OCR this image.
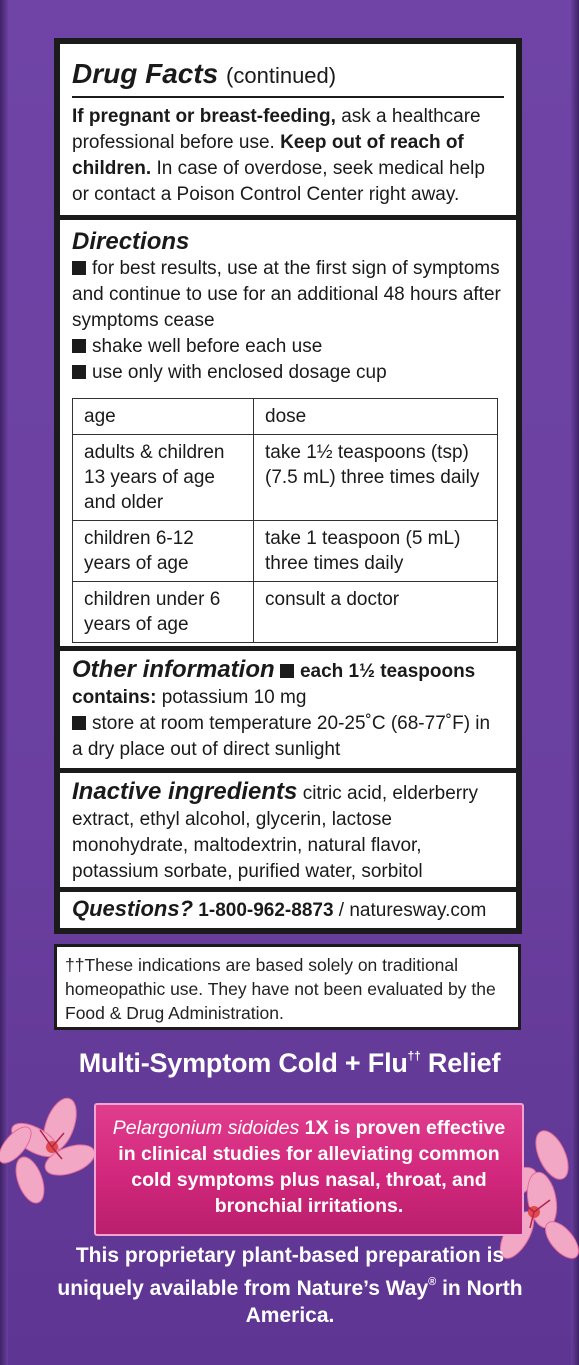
Drug Facts (continued)
If pregnant or breast-feeding, ask a healthcare professional before use. Keep out of reach of children. In case of overdose, seek medical help or contact a Poison Control Center right away.
Directions
for best results, use at the first sign of symptoms and continue to use for an additional 48 hours after symptoms cease
shake well before each use
use only with enclosed dosage cup
age	dose
adults & children 13 years of age and older	take 1½ teaspoons (tsp) (7.5 mL) three times daily
children 6-12 years of age	take 1 teaspoon (5 mL) three times daily
children under 6 years of age	consult a doctor
Other information each 1½ teaspoons contains: potassium 10 mg
store at room temperature 20-25˚C (68-77˚F) in a dry place out of direct sunlight
Inactive ingredients citric acid, elderberry extract, ethyl alcohol, glycerin, lactose monohydrate, maltodextrin, natural flavor, potassium sorbate, purified water, sorbitol
Questions? 1-800-962-8873 / naturesway.com
††These indications are based solely on traditional homeopathic use. They have not been evaluated by the Food & Drug Administration.
Multi-Symptom Cold + Flu†† Relief
Pelargonium sidoides 1X is proven effective in clinical studies for alleviating common cold symptoms plus nasal, throat, and bronchial irritations.
This proprietary plant-based preparation is uniquely available from Nature’s Way® in North America.
